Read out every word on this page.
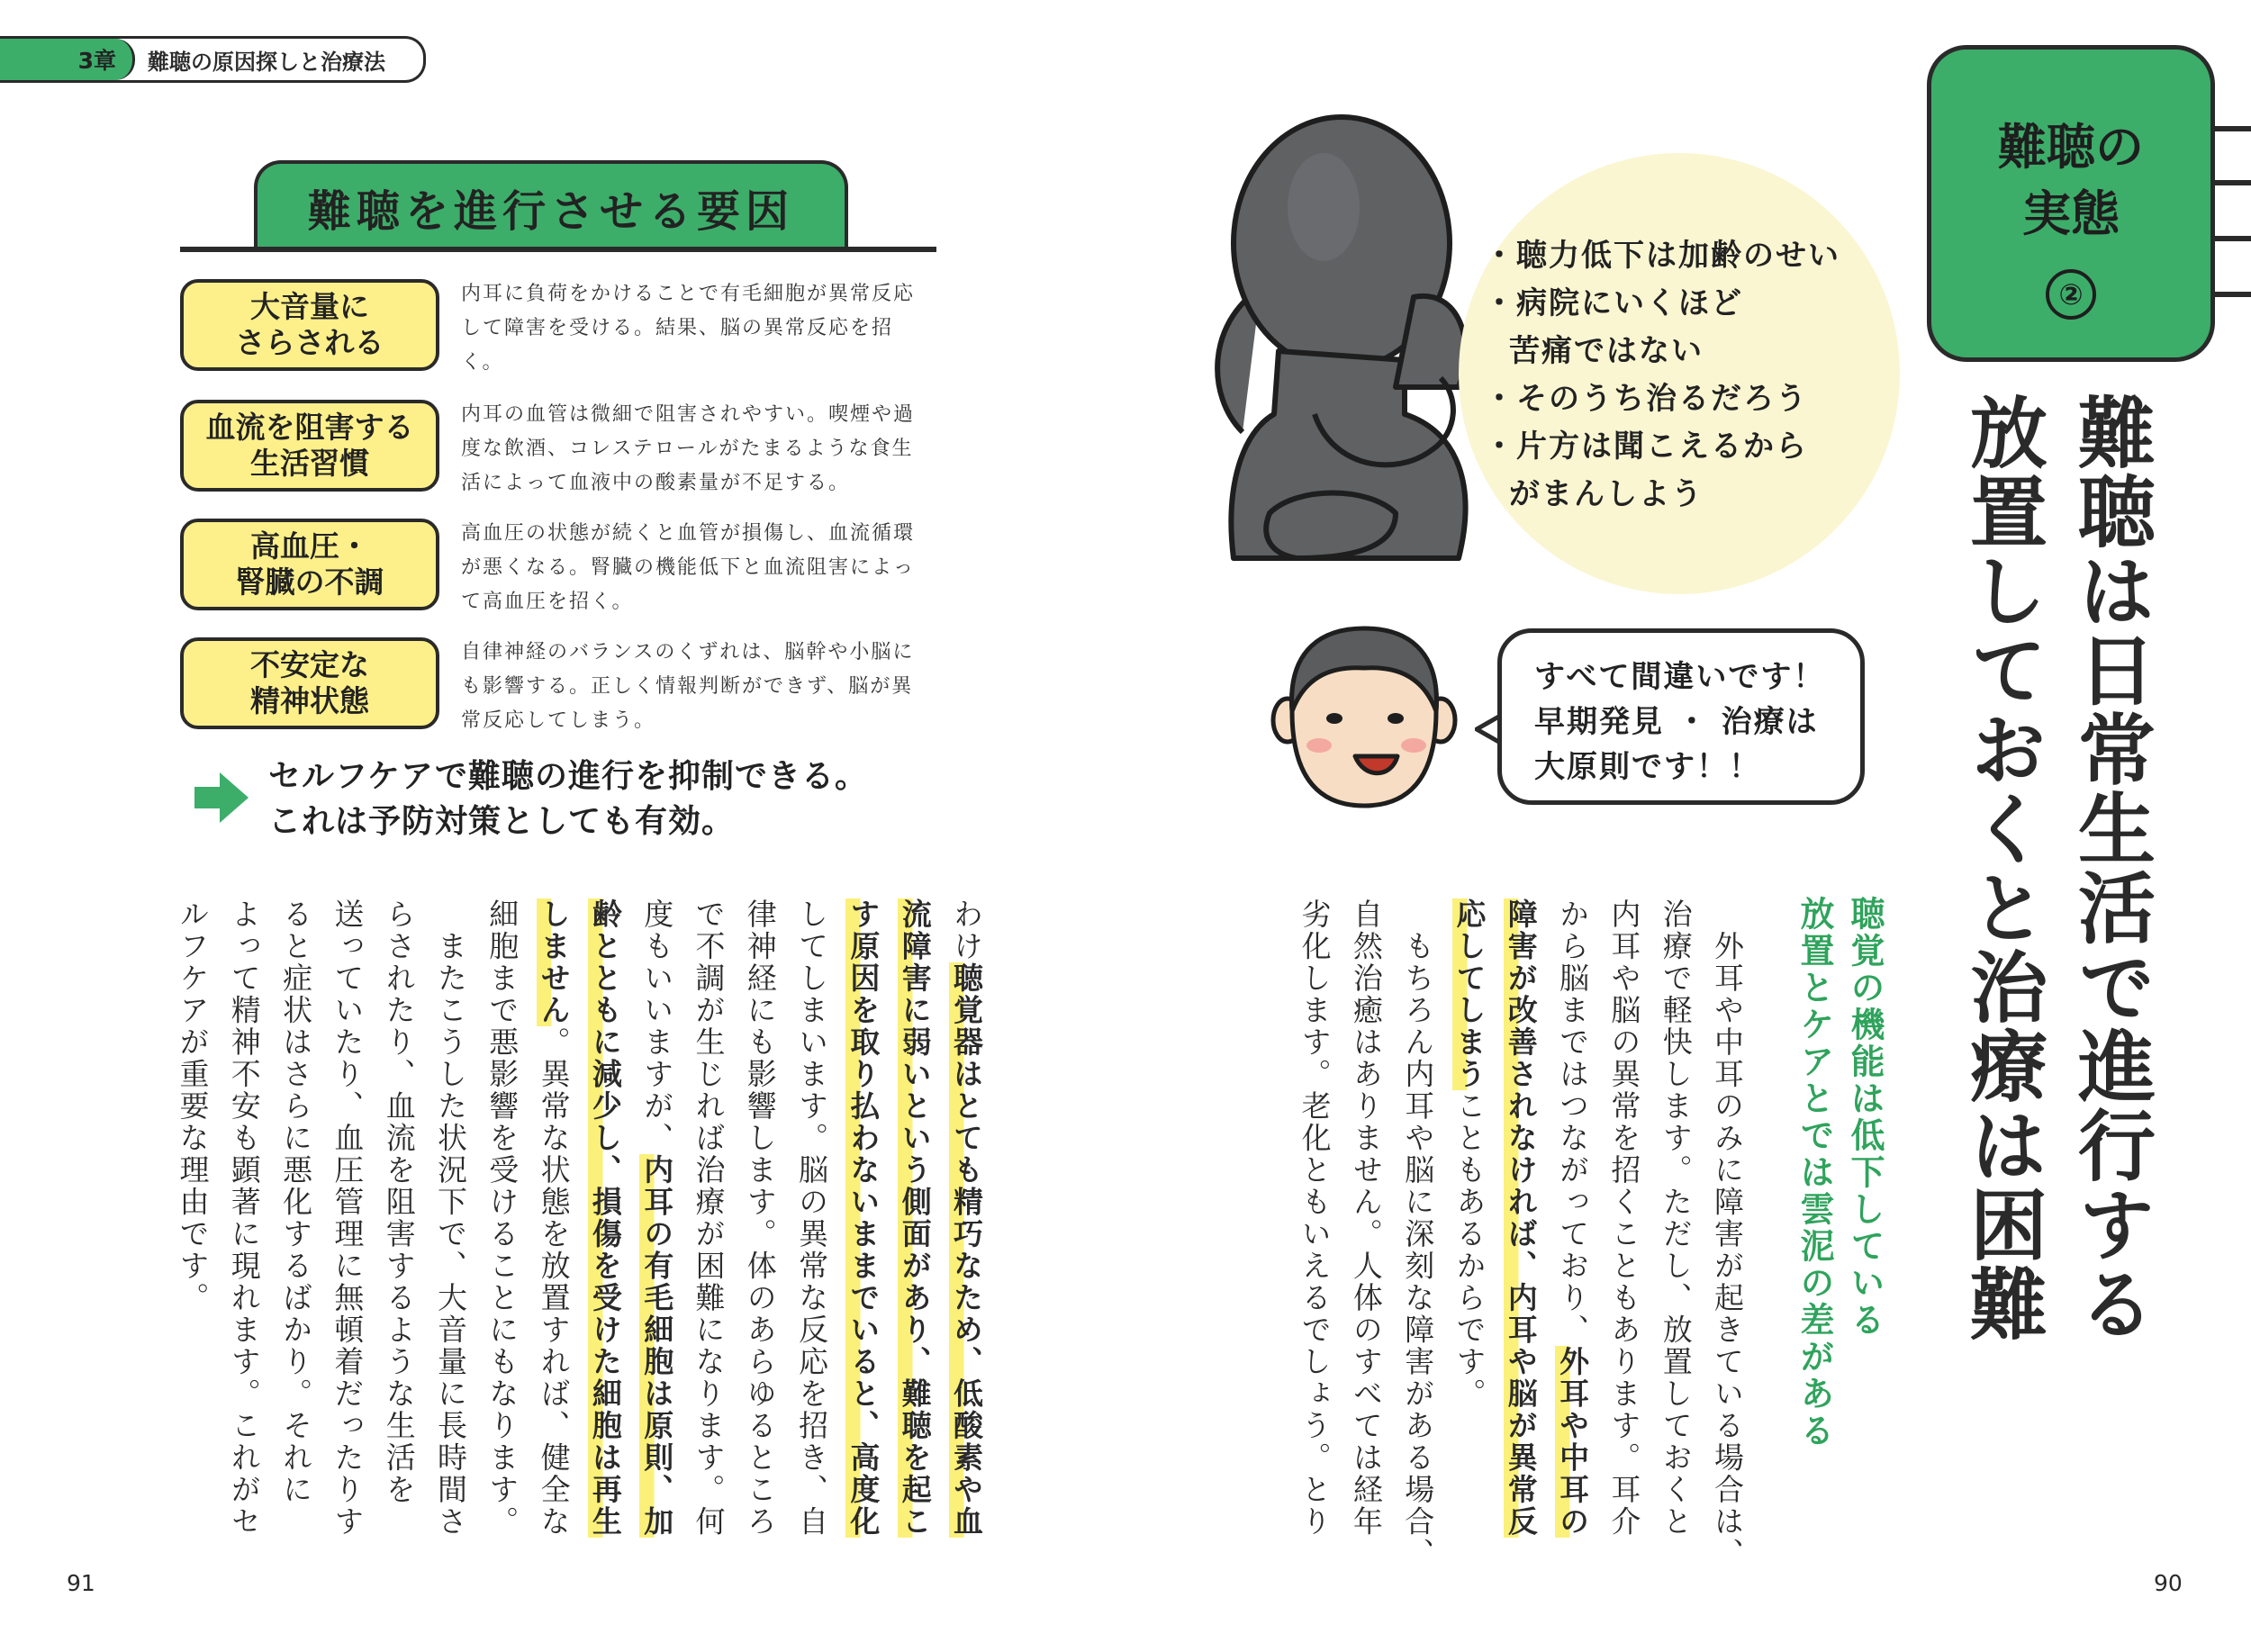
3章	難聴の原因探しと治療法
難聴を進行させる要因
大音量に
さらされる
内耳に負荷をかけることで有毛細胞が異常反応して障害を受ける。結果、脳の異常反応を招く。
血流を阻害する
生活習慣
内耳の血管は微細で阻害されやすい。喫煙や過度な飲酒、コレステロールがたまるような食生活によって血液中の酸素量が不足する。
高血圧・
腎臓の不調
高血圧の状態が続くと血管が損傷し、血流循環が悪くなる。腎臓の機能低下と血流阻害によって高血圧を招く。
不安定な
精神状態
自律神経のバランスのくずれは、脳幹や小脳にも影響する。正しく情報判断ができず、脳が異常反応してしまう。
セルフケアで難聴の進行を抑制できる。
これは予防対策としても有効。
わけ聴覚器はとても精巧なため、低酸素や血
流障害に弱いという側面があり、難聴を起こ
す原因を取り払わないままでいると、高度化
してしまいます。脳の異常な反応を招き、自
律神経にも影響します。体のあらゆるところ
で不調が生じれば治療が困難になります。何
度もいいますが、内耳の有毛細胞は原則、加
齢とともに減少し、損傷を受けた細胞は再生
しません。異常な状態を放置すれば、健全な
細胞まで悪影響を受けることにもなります。
　またこうした状況下で、大音量に長時間さ
らされたり、血流を阻害するような生活を
送っていたり、血圧管理に無頓着だったりす
ると症状はさらに悪化するばかり。それに
よって精神不安も顕著に現れます。これがセ
ルフケアが重要な理由です。
91
難聴の
実態
②
難聴は日常生活で進行する
放置しておくと治療は困難
聴覚の機能は低下している
放置とケアとでは雲泥の差がある
・聴力低下は加齢のせい
・病院にいくほど
苦痛ではない
・そのうち治るだろう
・片方は聞こえるから
がまんしよう
すべて間違いです！
早期発見 ・ 治療は
大原則です！！
　外耳や中耳のみに障害が起きている場合は、
治療で軽快します。ただし、放置しておくと
内耳や脳の異常を招くこともあります。耳介
から脳まではつながっており、外耳や中耳の
障害が改善されなければ、内耳や脳が異常反
応してしまうこともあるからです。
　もちろん内耳や脳に深刻な障害がある場合、
自然治癒はありません。人体のすべては経年
劣化します。老化ともいえるでしょう。とり
90
